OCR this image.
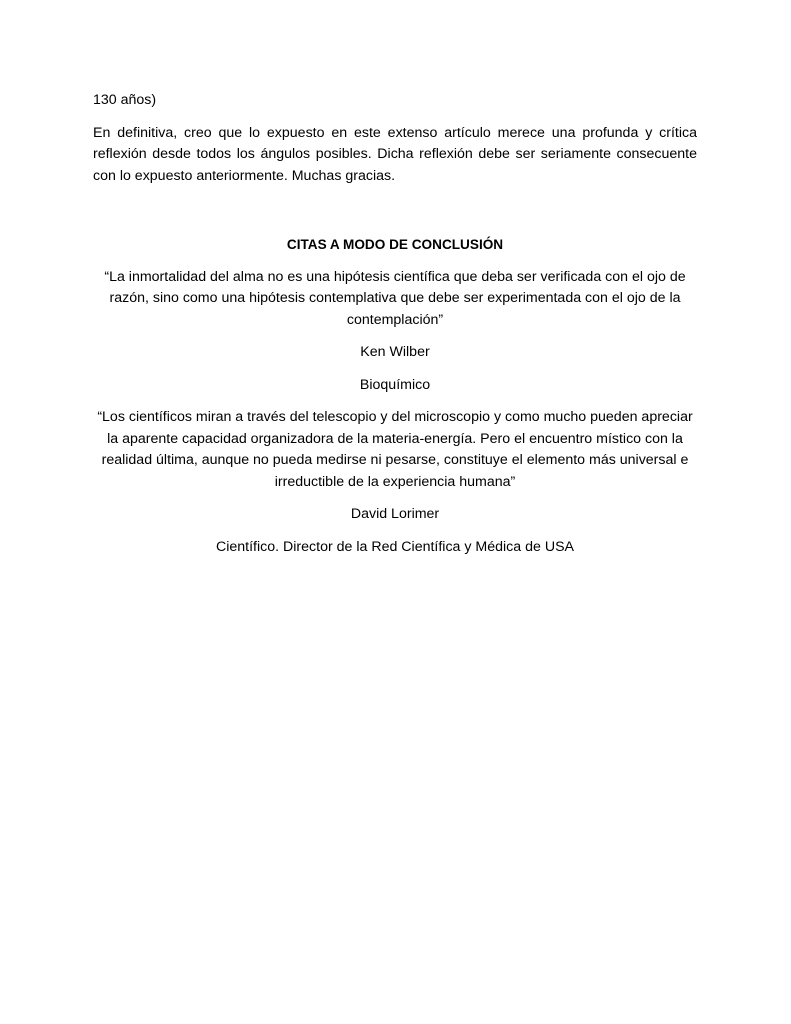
130 años)

En definitiva, creo que lo expuesto en este extenso artículo merece una profunda y crítica reflexión desde todos los ángulos posibles. Dicha reflexión debe ser seriamente consecuente con lo expuesto anteriormente. Muchas gracias.

CITAS A MODO DE CONCLUSIÓN

“La inmortalidad del alma no es una hipótesis científica que deba ser verificada con el ojo de razón, sino como una hipótesis contemplativa que debe ser experimentada con el ojo de la contemplación”

Ken Wilber

Bioquímico

“Los científicos miran a través del telescopio y del microscopio y como mucho pueden apreciar la aparente capacidad organizadora de la materia-energía. Pero el encuentro místico con la realidad última, aunque no pueda medirse ni pesarse, constituye el elemento más universal e irreductible de la experiencia humana”

David Lorimer

Científico. Director de la Red Científica y Médica de USA
